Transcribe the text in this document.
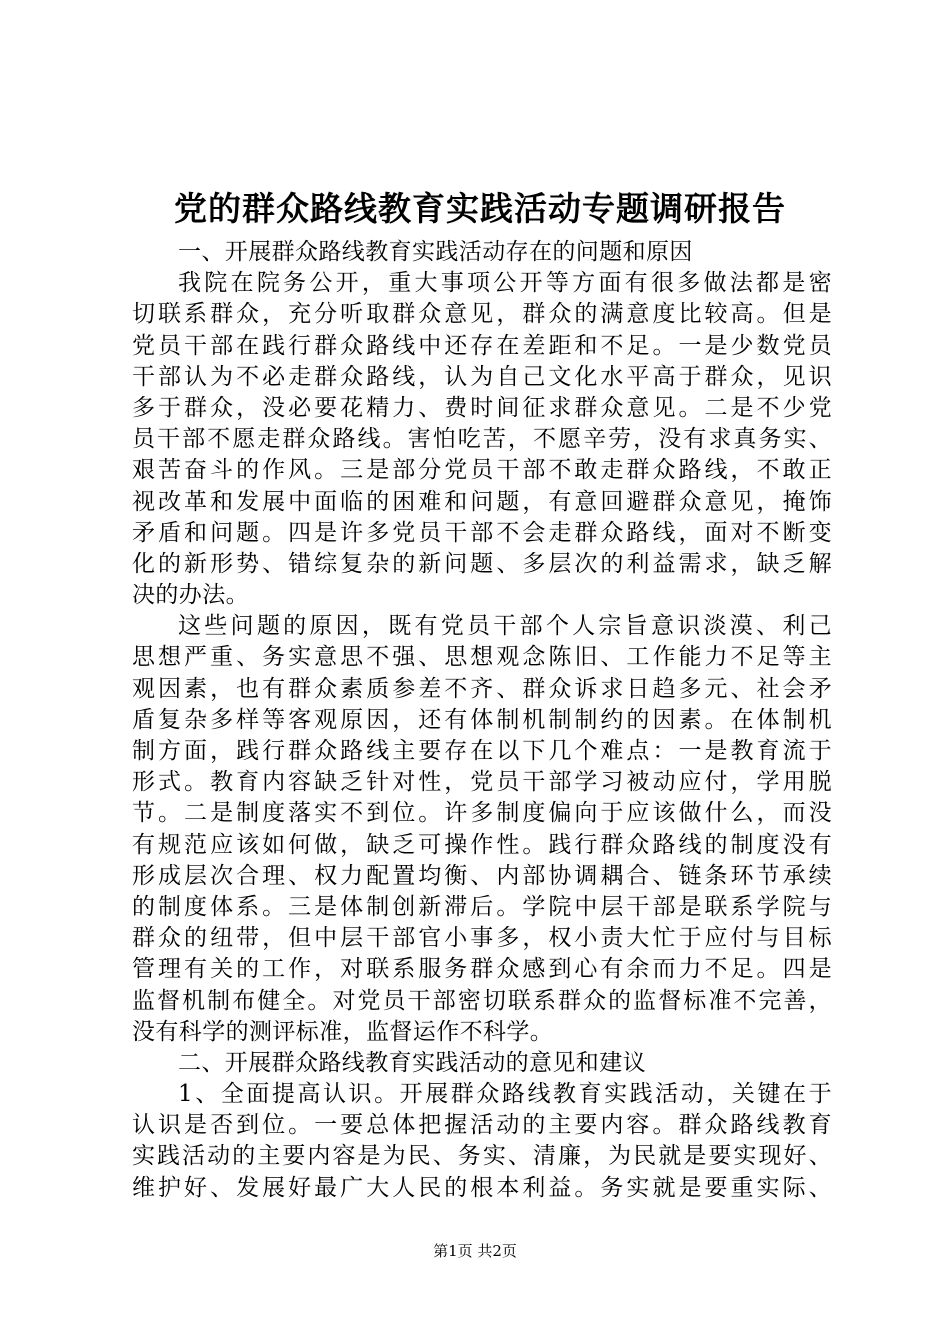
党的群众路线教育实践活动专题调研报告
一、开展群众路线教育实践活动存在的问题和原因
我院在院务公开，重大事项公开等方面有很多做法都是密
切联系群众，充分听取群众意见，群众的满意度比较高。但是
党员干部在践行群众路线中还存在差距和不足。一是少数党员
干部认为不必走群众路线，认为自己文化水平高于群众，见识
多于群众，没必要花精力、费时间征求群众意见。二是不少党
员干部不愿走群众路线。害怕吃苦，不愿辛劳，没有求真务实、
艰苦奋斗的作风。三是部分党员干部不敢走群众路线，不敢正
视改革和发展中面临的困难和问题，有意回避群众意见，掩饰
矛盾和问题。四是许多党员干部不会走群众路线，面对不断变
化的新形势、错综复杂的新问题、多层次的利益需求，缺乏解
决的办法。
这些问题的原因，既有党员干部个人宗旨意识淡漠、利己
思想严重、务实意思不强、思想观念陈旧、工作能力不足等主
观因素，也有群众素质参差不齐、群众诉求日趋多元、社会矛
盾复杂多样等客观原因，还有体制机制制约的因素。在体制机
制方面，践行群众路线主要存在以下几个难点：一是教育流于
形式。教育内容缺乏针对性，党员干部学习被动应付，学用脱
节。二是制度落实不到位。许多制度偏向于应该做什么，而没
有规范应该如何做，缺乏可操作性。践行群众路线的制度没有
形成层次合理、权力配置均衡、内部协调耦合、链条环节承续
的制度体系。三是体制创新滞后。学院中层干部是联系学院与
群众的纽带，但中层干部官小事多，权小责大忙于应付与目标
管理有关的工作，对联系服务群众感到心有余而力不足。四是
监督机制布健全。对党员干部密切联系群众的监督标准不完善，
没有科学的测评标准，监督运作不科学。
二、开展群众路线教育实践活动的意见和建议
1、全面提高认识。开展群众路线教育实践活动，关键在于
认识是否到位。一要总体把握活动的主要内容。群众路线教育
实践活动的主要内容是为民、务实、清廉，为民就是要实现好、
维护好、发展好最广大人民的根本利益。务实就是要重实际、
第1页 共2页
